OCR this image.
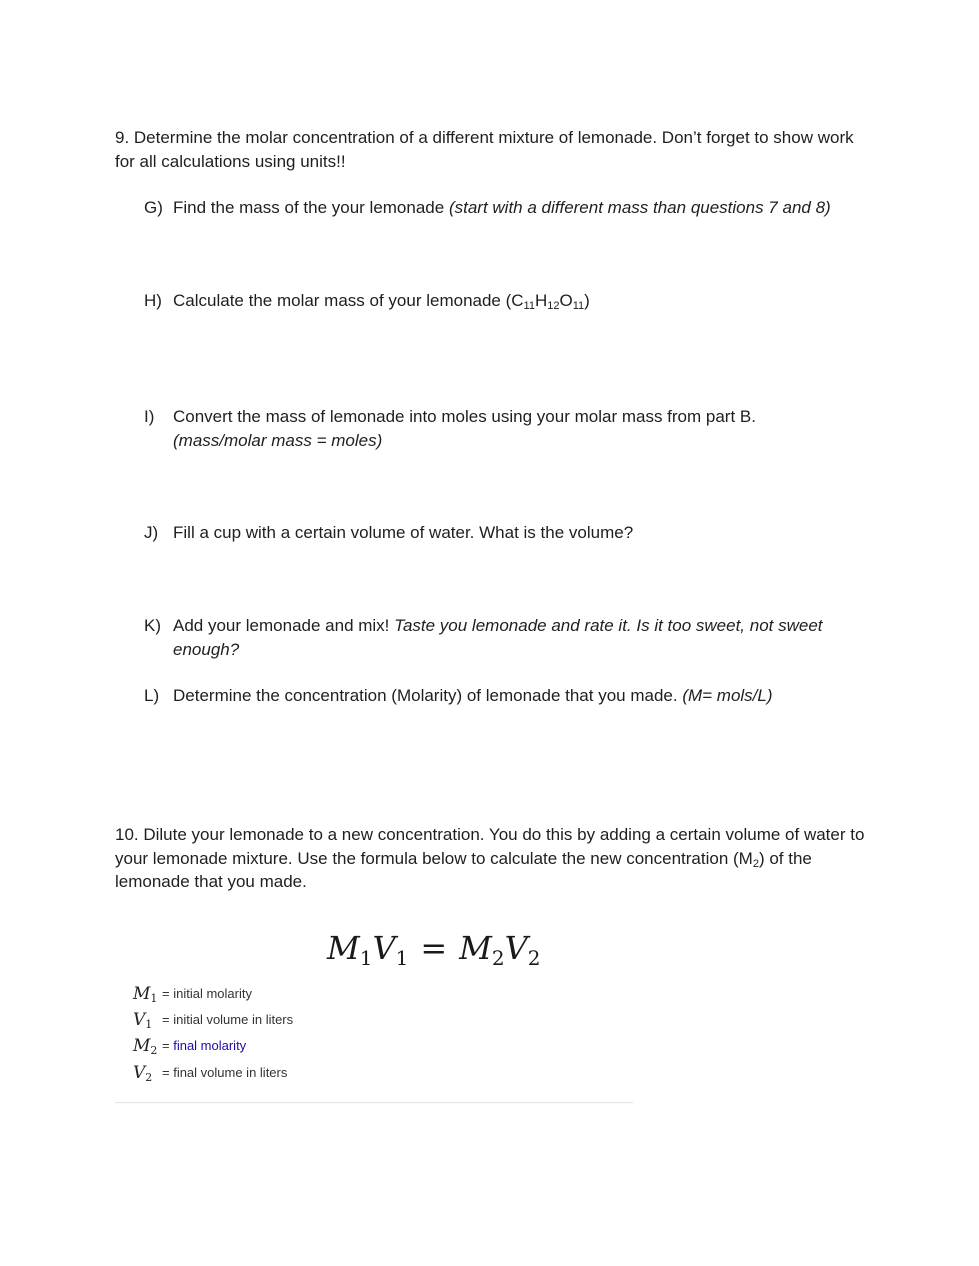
9. Determine the molar concentration of a different mixture of lemonade. Don’t forget to show work for all calculations using units!!
G) Find the mass of the your lemonade (start with a different mass than questions 7 and 8)
H) Calculate the molar mass of your lemonade $(C_{11}H_{12}O_{11})$
I) Convert the mass of lemonade into moles using your molar mass from part B.
(mass/molar mass = moles)
J) Fill a cup with a certain volume of water. What is the volume?
K) Add your lemonade and mix! Taste you lemonade and rate it. Is it too sweet, not sweet enough?
L) Determine the concentration (Molarity) of lemonade that you made. (M= mols/L)
10. Dilute your lemonade to a new concentration. You do this by adding a certain volume of water to your lemonade mixture. Use the formula below to calculate the new concentration $(M_2)$ of the lemonade that you made.
$M_1V_1 = M_2V_2$
$M_1$ = initial molarity
$V_1$ = initial volume in liters
$M_2$ = final molarity
$V_2$ = final volume in liters
